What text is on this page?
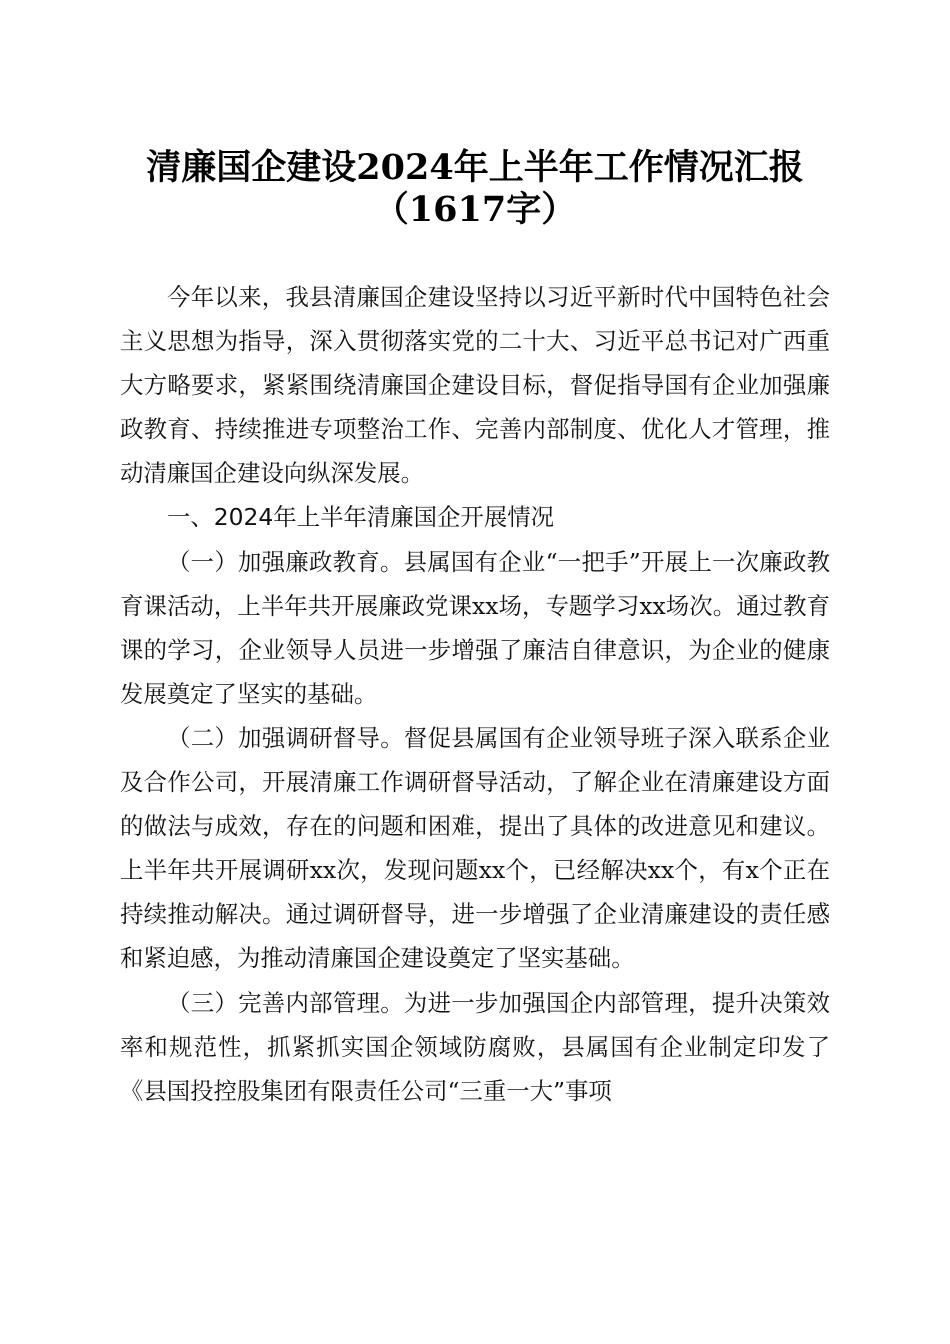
清廉国企建设2024年上半年工作情况汇报
（1617字）

今年以来，我县清廉国企建设坚持以习近平新时代中国特色社会主义思想为指导，深入贯彻落实党的二十大、习近平总书记对广西重大方略要求，紧紧围绕清廉国企建设目标，督促指导国有企业加强廉政教育、持续推进专项整治工作、完善内部制度、优化人才管理，推动清廉国企建设向纵深发展。

一、2024年上半年清廉国企开展情况

（一）加强廉政教育。县属国有企业“一把手”开展上一次廉政教育课活动，上半年共开展廉政党课xx场，专题学习xx场次。通过教育课的学习，企业领导人员进一步增强了廉洁自律意识，为企业的健康发展奠定了坚实的基础。

（二）加强调研督导。督促县属国有企业领导班子深入联系企业及合作公司，开展清廉工作调研督导活动，了解企业在清廉建设方面的做法与成效，存在的问题和困难，提出了具体的改进意见和建议。上半年共开展调研xx次，发现问题xx个，已经解决xx个，有x个正在持续推动解决。通过调研督导，进一步增强了企业清廉建设的责任感和紧迫感，为推动清廉国企建设奠定了坚实基础。

（三）完善内部管理。为进一步加强国企内部管理，提升决策效率和规范性，抓紧抓实国企领域防腐败，县属国有企业制定印发了《县国投控股集团有限责任公司“三重一大”事项
